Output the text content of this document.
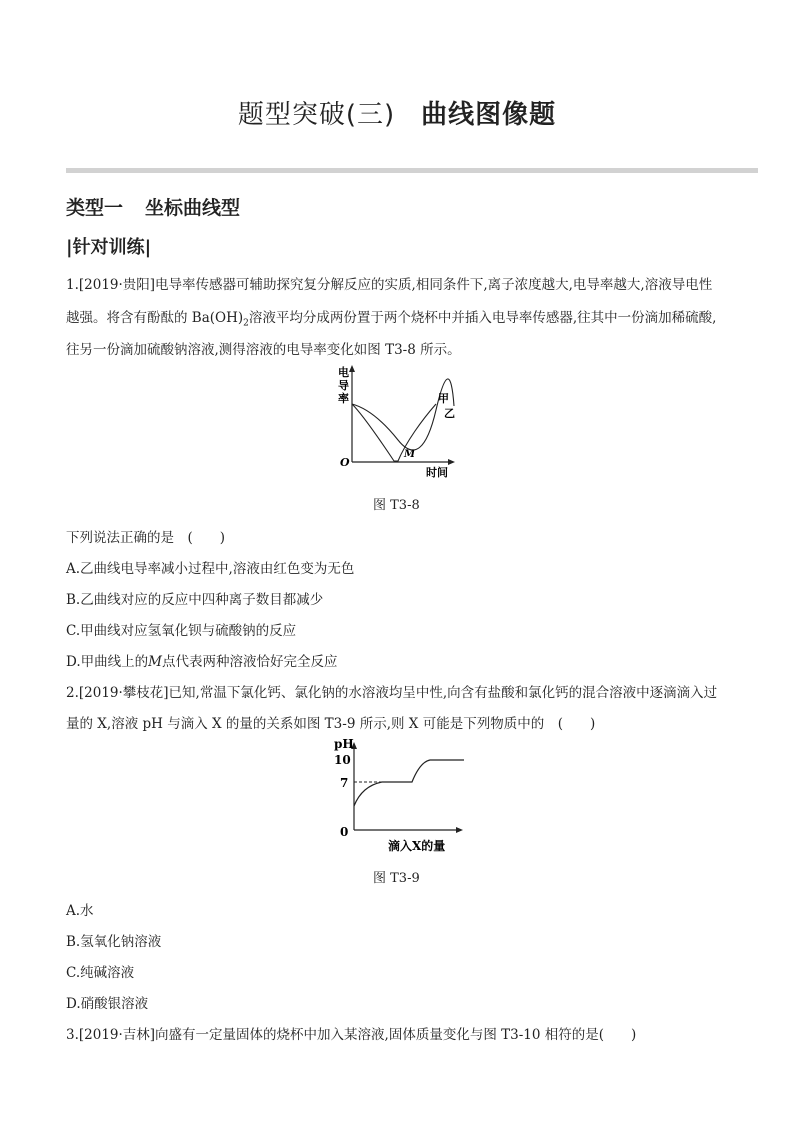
题型突破(三) 曲线图像题
类型一 坐标曲线型
|针对训练|
1.[2019·贵阳]电导率传感器可辅助探究复分解反应的实质,相同条件下,离子浓度越大,电导率越大,溶液导电性
越强。将含有酚酞的 $Ba(OH)_2$溶液平均分成两份置于两个烧杯中并插入电导率传感器,往其中一份滴加稀硫酸,
往另一份滴加硫酸钠溶液,测得溶液的电导率变化如图 T3-8 所示。
电
导
率
O
M
甲
乙
时间
图 T3-8
下列说法正确的是　(　　)
A.乙曲线电导率减小过程中,溶液由红色变为无色
B.乙曲线对应的反应中四种离子数目都减少
C.甲曲线对应氢氧化钡与硫酸钠的反应
D.甲曲线上的M点代表两种溶液恰好完全反应
2.[2019·攀枝花]已知,常温下氯化钙、氯化钠的水溶液均呈中性,向含有盐酸和氯化钙的混合溶液中逐滴滴入过
量的 X,溶液 pH 与滴入 X 的量的关系如图 T3-9 所示,则 X 可能是下列物质中的　(　　)
pH
10
7
0
滴入X的量
图 T3-9
A.水
B.氢氧化钠溶液
C.纯碱溶液
D.硝酸银溶液
3.[2019·吉林]向盛有一定量固体的烧杯中加入某溶液,固体质量变化与图 T3-10 相符的是(　　)
